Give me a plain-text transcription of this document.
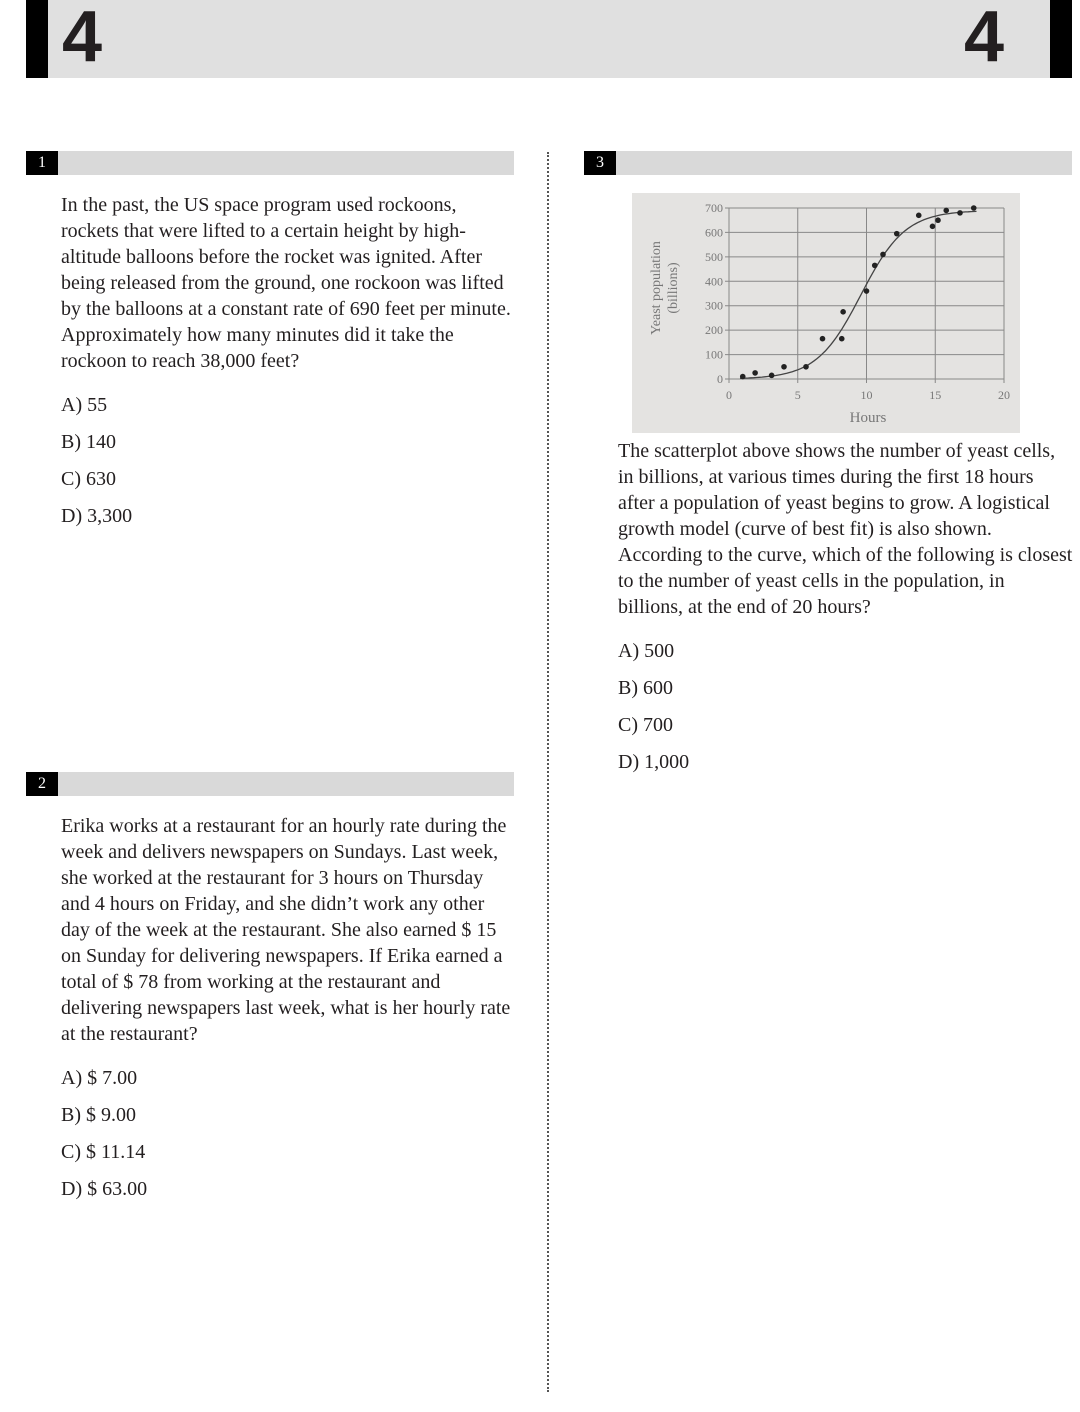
4	4
1
In the past, the US space program used rockoons, rockets that were lifted to a certain height by high-altitude balloons before the rocket was ignited. After being released from the ground, one rockoon was lifted by the balloons at a constant rate of 690 feet per minute. Approximately how many minutes did it take the rockoon to reach 38,000 feet?
A) 55
B) 140
C) 630
D) 3,300
2
Erika works at a restaurant for an hourly rate during the week and delivers newspapers on Sundays. Last week, she worked at the restaurant for 3 hours on Thursday and 4 hours on Friday, and she didn’t work any other day of the week at the restaurant. She also earned $ 15 on Sunday for delivering newspapers. If Erika earned a total of $ 78 from working at the restaurant and delivering newspapers last week, what is her hourly rate at the restaurant?
A) $ 7.00
B) $ 9.00
C) $ 11.14
D) $ 63.00
3
0
100
200
300
400
500
600
700
0	5	10	15	20
Yeast population (billions)
Hours
The scatterplot above shows the number of yeast cells, in billions, at various times during the first 18 hours after a population of yeast begins to grow. A logistical growth model (curve of best fit) is also shown. According to the curve, which of the following is closest to the number of yeast cells in the population, in billions, at the end of 20 hours?
A) 500
B) 600
C) 700
D) 1,000
